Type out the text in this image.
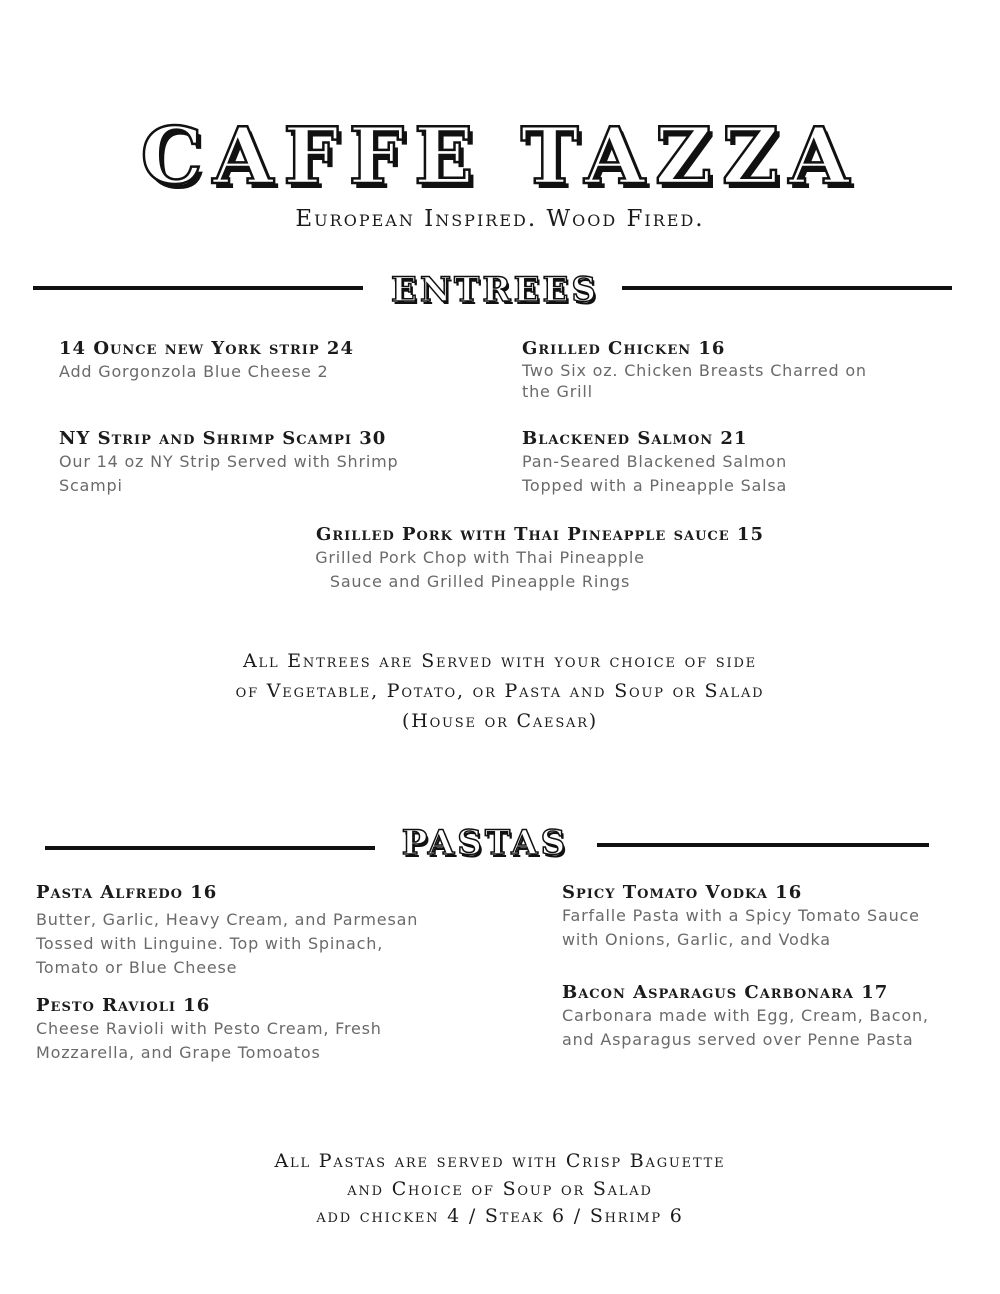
CAFFE TAZZA
European Inspired. Wood Fired.
ENTREES
14 Ounce new York strip 24
Add Gorgonzola Blue Cheese 2
Grilled Chicken 16
Two Six oz. Chicken Breasts Charred on the Grill
NY Strip and Shrimp Scampi 30
Our 14 oz NY Strip Served with Shrimp Scampi
Blackened Salmon 21
Pan-Seared Blackened Salmon Topped with a Pineapple Salsa
Grilled Pork with Thai Pineapple sauce 15
Grilled Pork Chop with Thai Pineapple
Sauce and Grilled Pineapple Rings
All Entrees are Served with your choice of side
of Vegetable, Potato, or Pasta and Soup or Salad
(House or Caesar)
PASTAS
Pasta Alfredo 16
Butter, Garlic, Heavy Cream, and Parmesan Tossed with Linguine. Top with Spinach, Tomato or Blue Cheese
Spicy Tomato Vodka 16
Farfalle Pasta with a Spicy Tomato Sauce with Onions, Garlic, and Vodka
Pesto Ravioli 16
Cheese Ravioli with Pesto Cream, Fresh Mozzarella, and Grape Tomoatos
Bacon Asparagus Carbonara 17
Carbonara made with Egg, Cream, Bacon, and Asparagus served over Penne Pasta
All Pastas are served with Crisp Baguette
and Choice of Soup or Salad
add chicken 4 / Steak 6 / Shrimp 6
